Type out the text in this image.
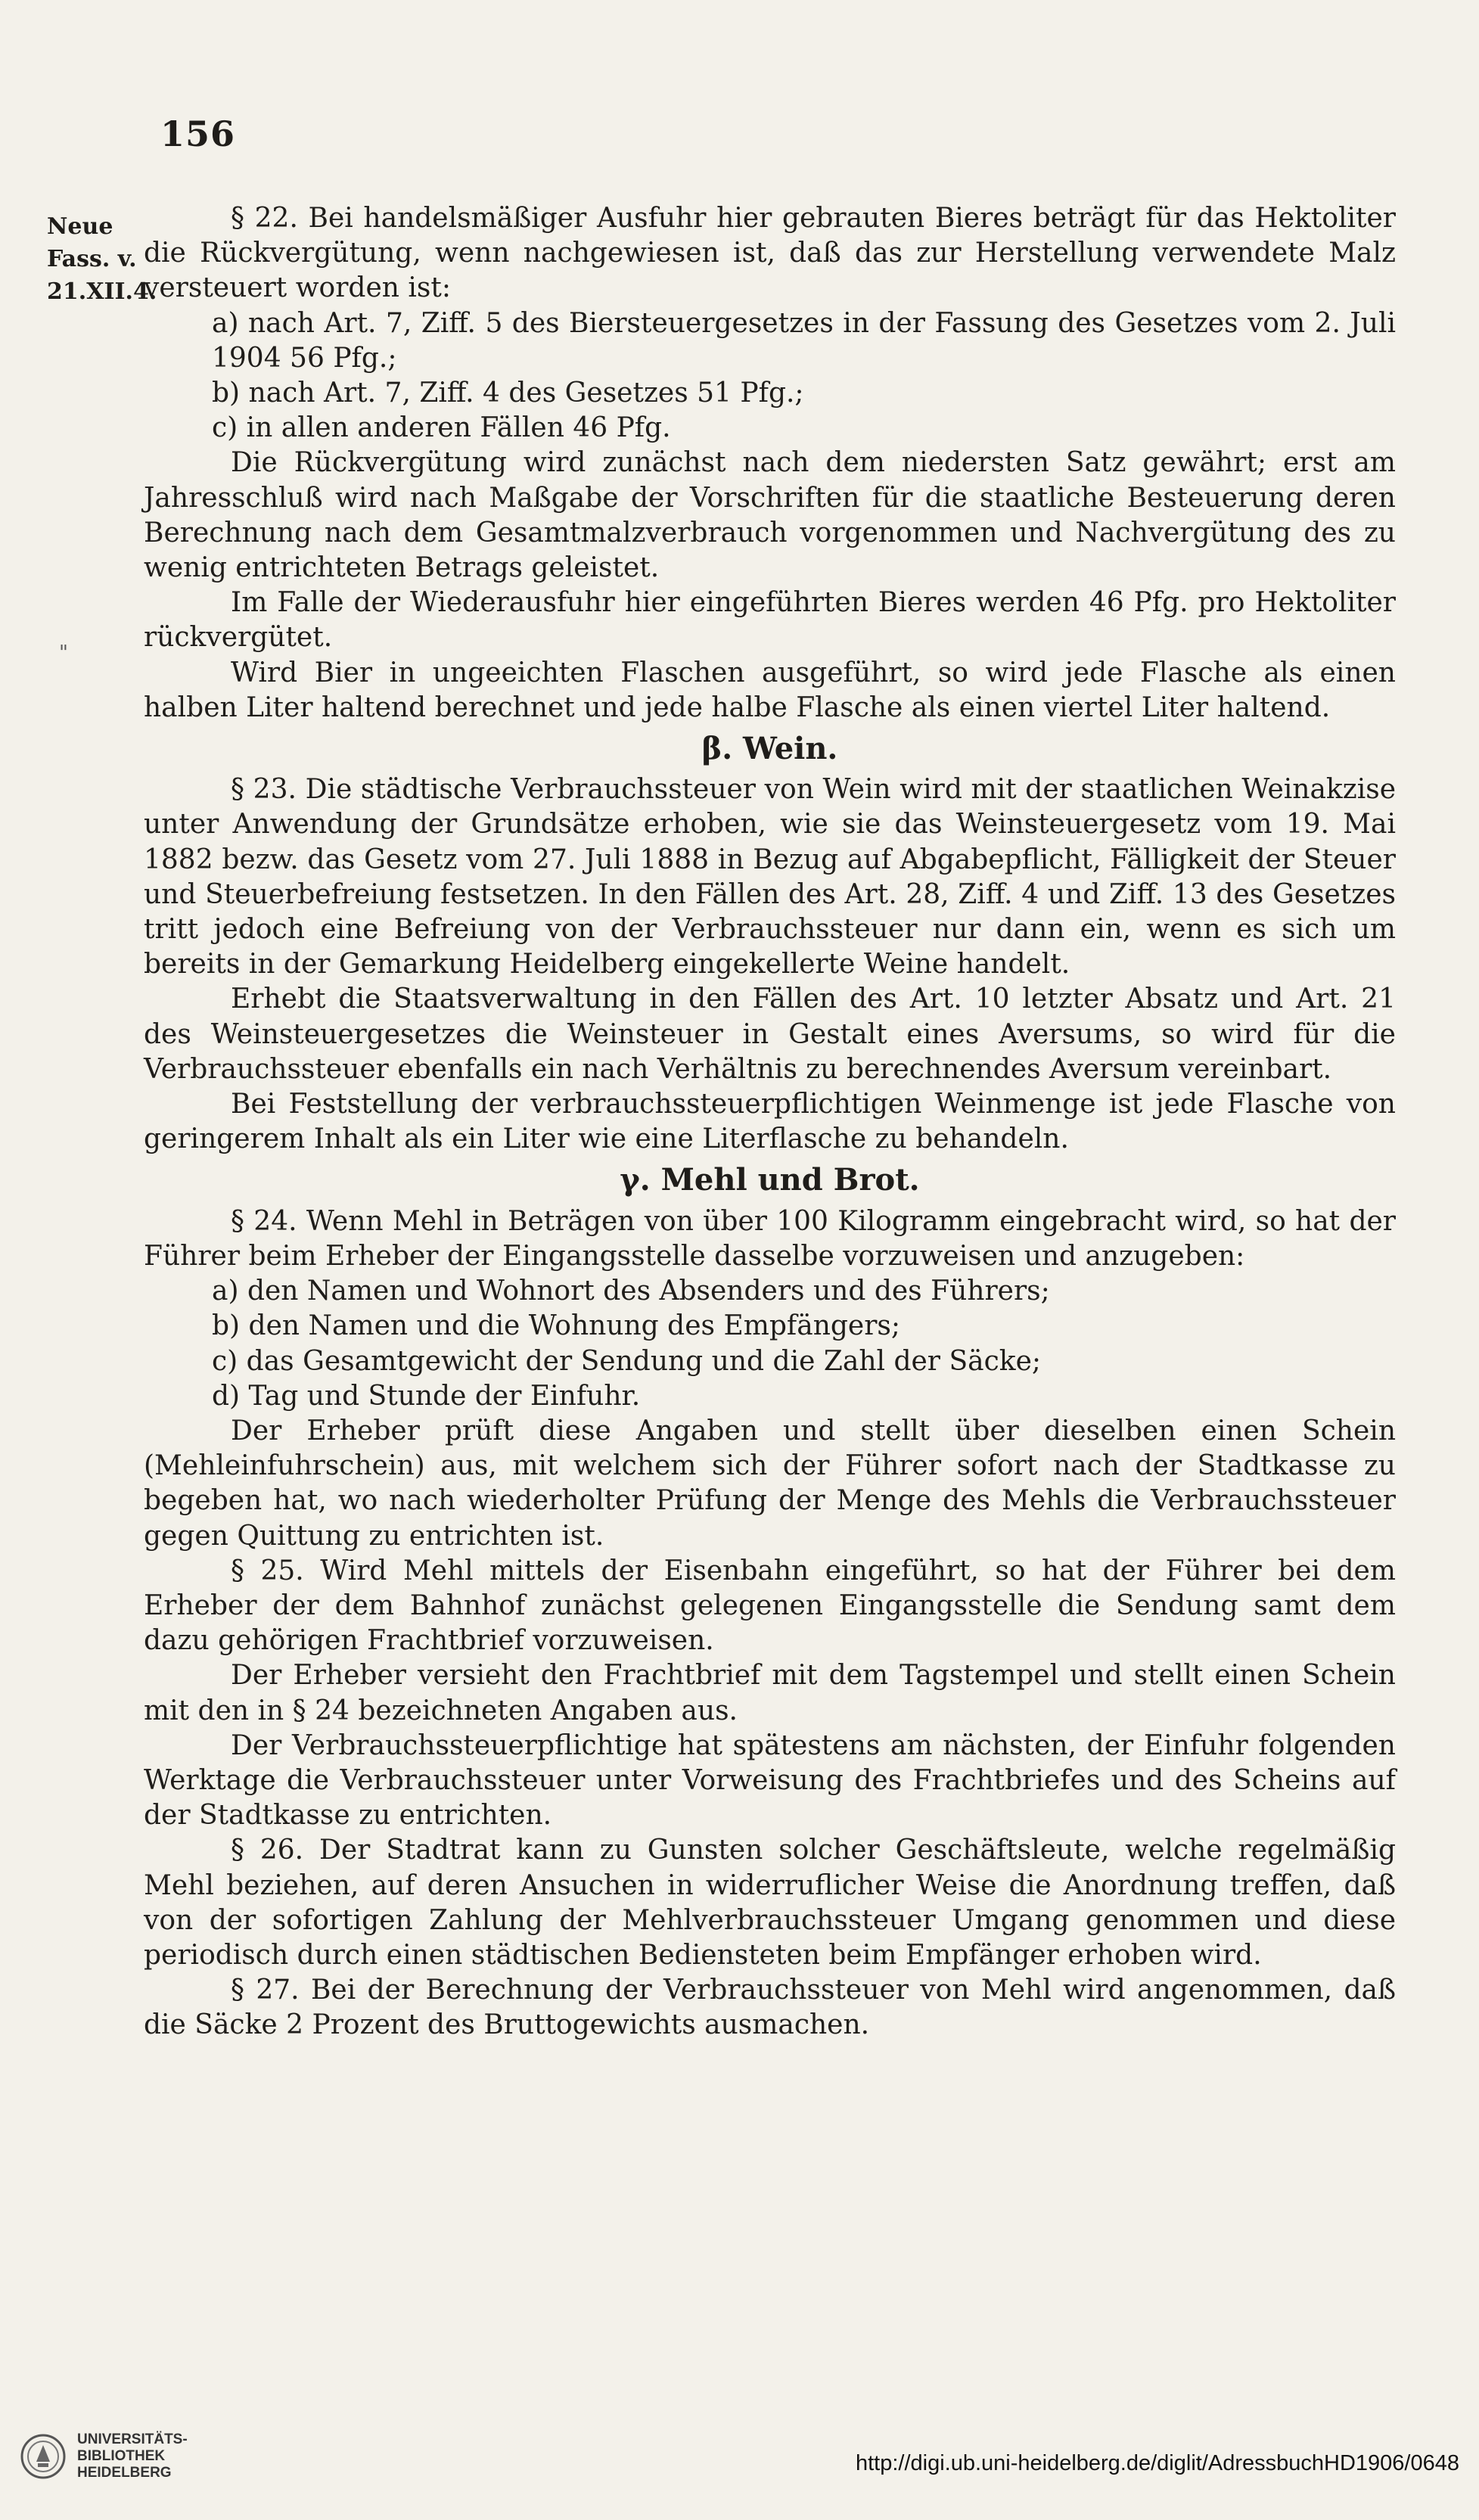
156
Neue
Fass. v.
21.XII.4.
"

§ 22. Bei handelsmäßiger Ausfuhr hier gebrauten Bieres beträgt für das Hektoliter die Rückvergütung, wenn nachgewiesen ist, daß das zur Herstellung verwendete Malz versteuert worden ist:

a) nach Art. 7, Ziff. 5 des Biersteuergesetzes in der Fassung des Gesetzes vom 2. Juli 1904 56 Pfg.;

b) nach Art. 7, Ziff. 4 des Gesetzes 51 Pfg.;

c) in allen anderen Fällen 46 Pfg.

Die Rückvergütung wird zunächst nach dem niedersten Satz gewährt; erst am Jahresschluß wird nach Maßgabe der Vorschriften für die staatliche Besteuerung deren Berechnung nach dem Gesamtmalzverbrauch vorgenommen und Nachvergütung des zu wenig entrichteten Betrags geleistet.

Im Falle der Wiederausfuhr hier eingeführten Bieres werden 46 Pfg. pro Hektoliter rückvergütet.

Wird Bier in ungeeichten Flaschen ausgeführt, so wird jede Flasche als einen halben Liter haltend berechnet und jede halbe Flasche als einen viertel Liter haltend.

β. Wein.

§ 23. Die städtische Verbrauchssteuer von Wein wird mit der staatlichen Weinakzise unter Anwendung der Grundsätze erhoben, wie sie das Weinsteuergesetz vom 19. Mai 1882 bezw. das Gesetz vom 27. Juli 1888 in Bezug auf Abgabepflicht, Fälligkeit der Steuer und Steuerbefreiung festsetzen. In den Fällen des Art. 28, Ziff. 4 und Ziff. 13 des Gesetzes tritt jedoch eine Befreiung von der Verbrauchssteuer nur dann ein, wenn es sich um bereits in der Gemarkung Heidelberg eingekellerte Weine handelt.

Erhebt die Staatsverwaltung in den Fällen des Art. 10 letzter Absatz und Art. 21 des Weinsteuergesetzes die Weinsteuer in Gestalt eines Aversums, so wird für die Verbrauchssteuer ebenfalls ein nach Verhältnis zu berechnendes Aversum vereinbart.

Bei Feststellung der verbrauchssteuerpflichtigen Weinmenge ist jede Flasche von geringerem Inhalt als ein Liter wie eine Literflasche zu behandeln.

γ. Mehl und Brot.

§ 24. Wenn Mehl in Beträgen von über 100 Kilogramm eingebracht wird, so hat der Führer beim Erheber der Eingangsstelle dasselbe vorzuweisen und anzugeben:

a) den Namen und Wohnort des Absenders und des Führers;

b) den Namen und die Wohnung des Empfängers;

c) das Gesamtgewicht der Sendung und die Zahl der Säcke;

d) Tag und Stunde der Einfuhr.

Der Erheber prüft diese Angaben und stellt über dieselben einen Schein (Mehleinfuhrschein) aus, mit welchem sich der Führer sofort nach der Stadtkasse zu begeben hat, wo nach wiederholter Prüfung der Menge des Mehls die Verbrauchssteuer gegen Quittung zu entrichten ist.

§ 25. Wird Mehl mittels der Eisenbahn eingeführt, so hat der Führer bei dem Erheber der dem Bahnhof zunächst gelegenen Eingangsstelle die Sendung samt dem dazu gehörigen Frachtbrief vorzuweisen.

Der Erheber versieht den Frachtbrief mit dem Tagstempel und stellt einen Schein mit den in § 24 bezeichneten Angaben aus.

Der Verbrauchssteuerpflichtige hat spätestens am nächsten, der Einfuhr folgenden Werktage die Verbrauchssteuer unter Vorweisung des Frachtbriefes und des Scheins auf der Stadtkasse zu entrichten.

§ 26. Der Stadtrat kann zu Gunsten solcher Geschäftsleute, welche regelmäßig Mehl beziehen, auf deren Ansuchen in widerruflicher Weise die Anordnung treffen, daß von der sofortigen Zahlung der Mehlverbrauchssteuer Umgang genommen und diese periodisch durch einen städtischen Bediensteten beim Empfänger erhoben wird.

§ 27. Bei der Berechnung der Verbrauchssteuer von Mehl wird angenommen, daß die Säcke 2 Prozent des Bruttogewichts ausmachen.

UNIVERSITÄTS-
BIBLIOTHEK
HEIDELBERG	http://digi.ub.uni-heidelberg.de/diglit/AdressbuchHD1906/0648
